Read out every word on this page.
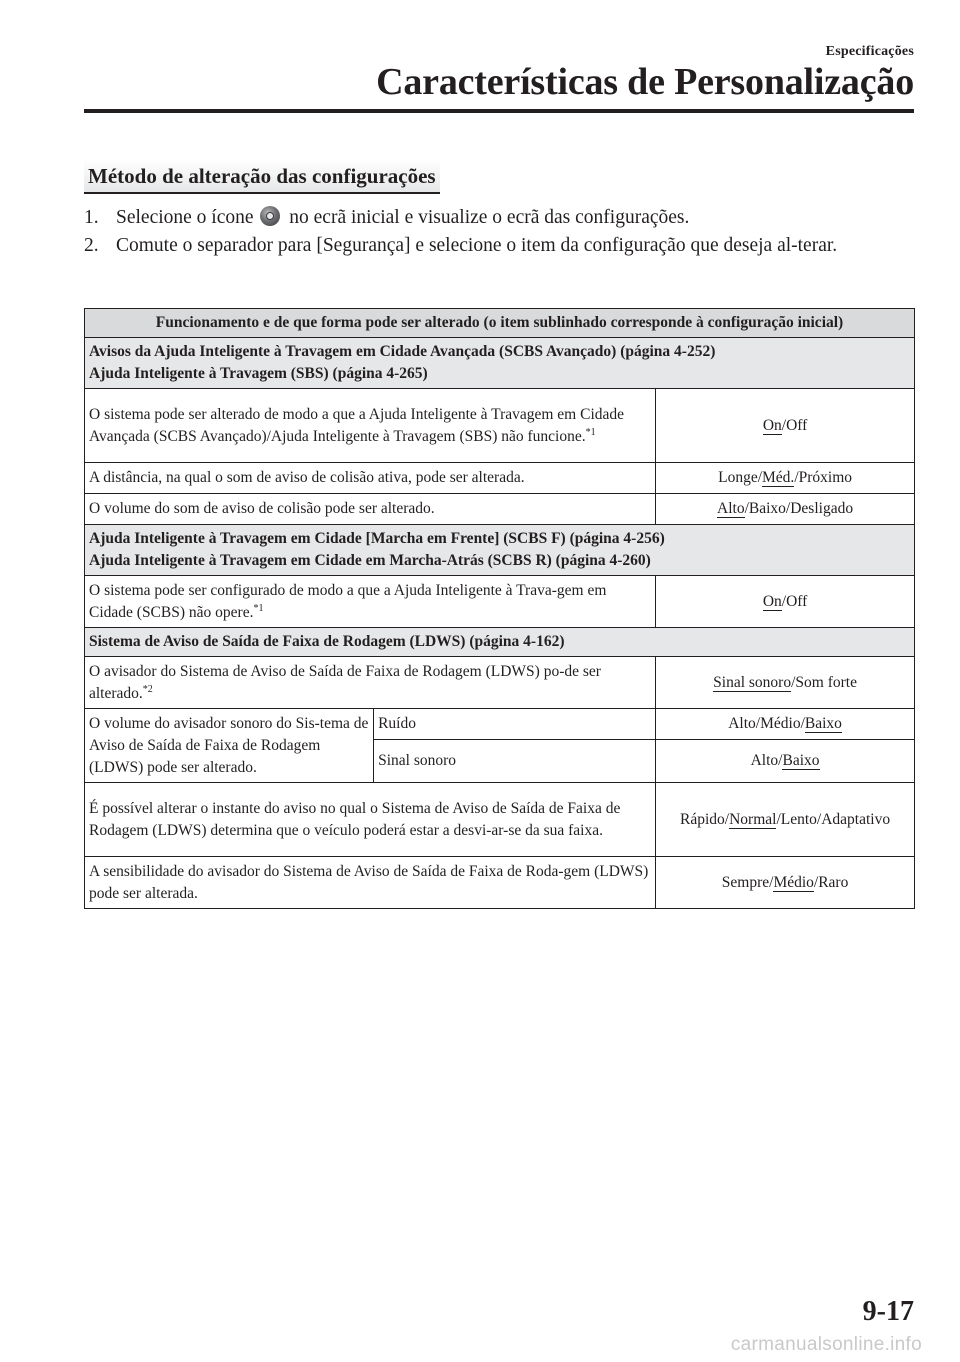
Especificações
Características de Personalização
Método de alteração das configurações
1. Selecione o ícone no ecrã inicial e visualize o ecrã das configurações.
2. Comute o separador para [Segurança] e selecione o item da configuração que deseja al-terar.
Funcionamento e de que forma pode ser alterado (o item sublinhado corresponde à configuração inicial)		

Avisos da Ajuda Inteligente à Travagem em Cidade Avançada (SCBS Avançado) (página 4-252)
Ajuda Inteligente à Travagem (SBS) (página 4-265)		

O sistema pode ser alterado de modo a que a Ajuda Inteligente à Travagem em Cidade Avançada (SCBS Avançado)/Ajuda Inteligente à Travagem (SBS) não funcione.$^{*1}$		On/Off
A distância, na qual o som de aviso de colisão ativa, pode ser alterada.		Longe/Méd./Próximo
O volume do som de aviso de colisão pode ser alterado.		Alto/Baixo/Desligado

Ajuda Inteligente à Travagem em Cidade [Marcha em Frente] (SCBS F) (página 4-256)
Ajuda Inteligente à Travagem em Cidade em Marcha-Atrás (SCBS R) (página 4-260)		

O sistema pode ser configurado de modo a que a Ajuda Inteligente à Trava-gem em Cidade (SCBS) não opere.$^{*1}$		On/Off

Sistema de Aviso de Saída de Faixa de Rodagem (LDWS) (página 4-162)		

O avisador do Sistema de Aviso de Saída de Faixa de Rodagem (LDWS) po-de ser alterado.$^{*2}$		Sinal sonoro/Som forte
O volume do avisador sonoro do Sis-tema de Aviso de Saída de Faixa de Rodagem (LDWS) pode ser alterado.	Ruído	Alto/Médio/Baixo
	Sinal sonoro	Alto/Baixo
É possível alterar o instante do aviso no qual o Sistema de Aviso de Saída de Faixa de Rodagem (LDWS) determina que o veículo poderá estar a desvi-ar-se da sua faixa.		Rápido/Normal/Lento/Adaptativo
A sensibilidade do avisador do Sistema de Aviso de Saída de Faixa de Roda-gem (LDWS) pode ser alterada.		Sempre/Médio/Raro
9-17
carmanualsonline.info
